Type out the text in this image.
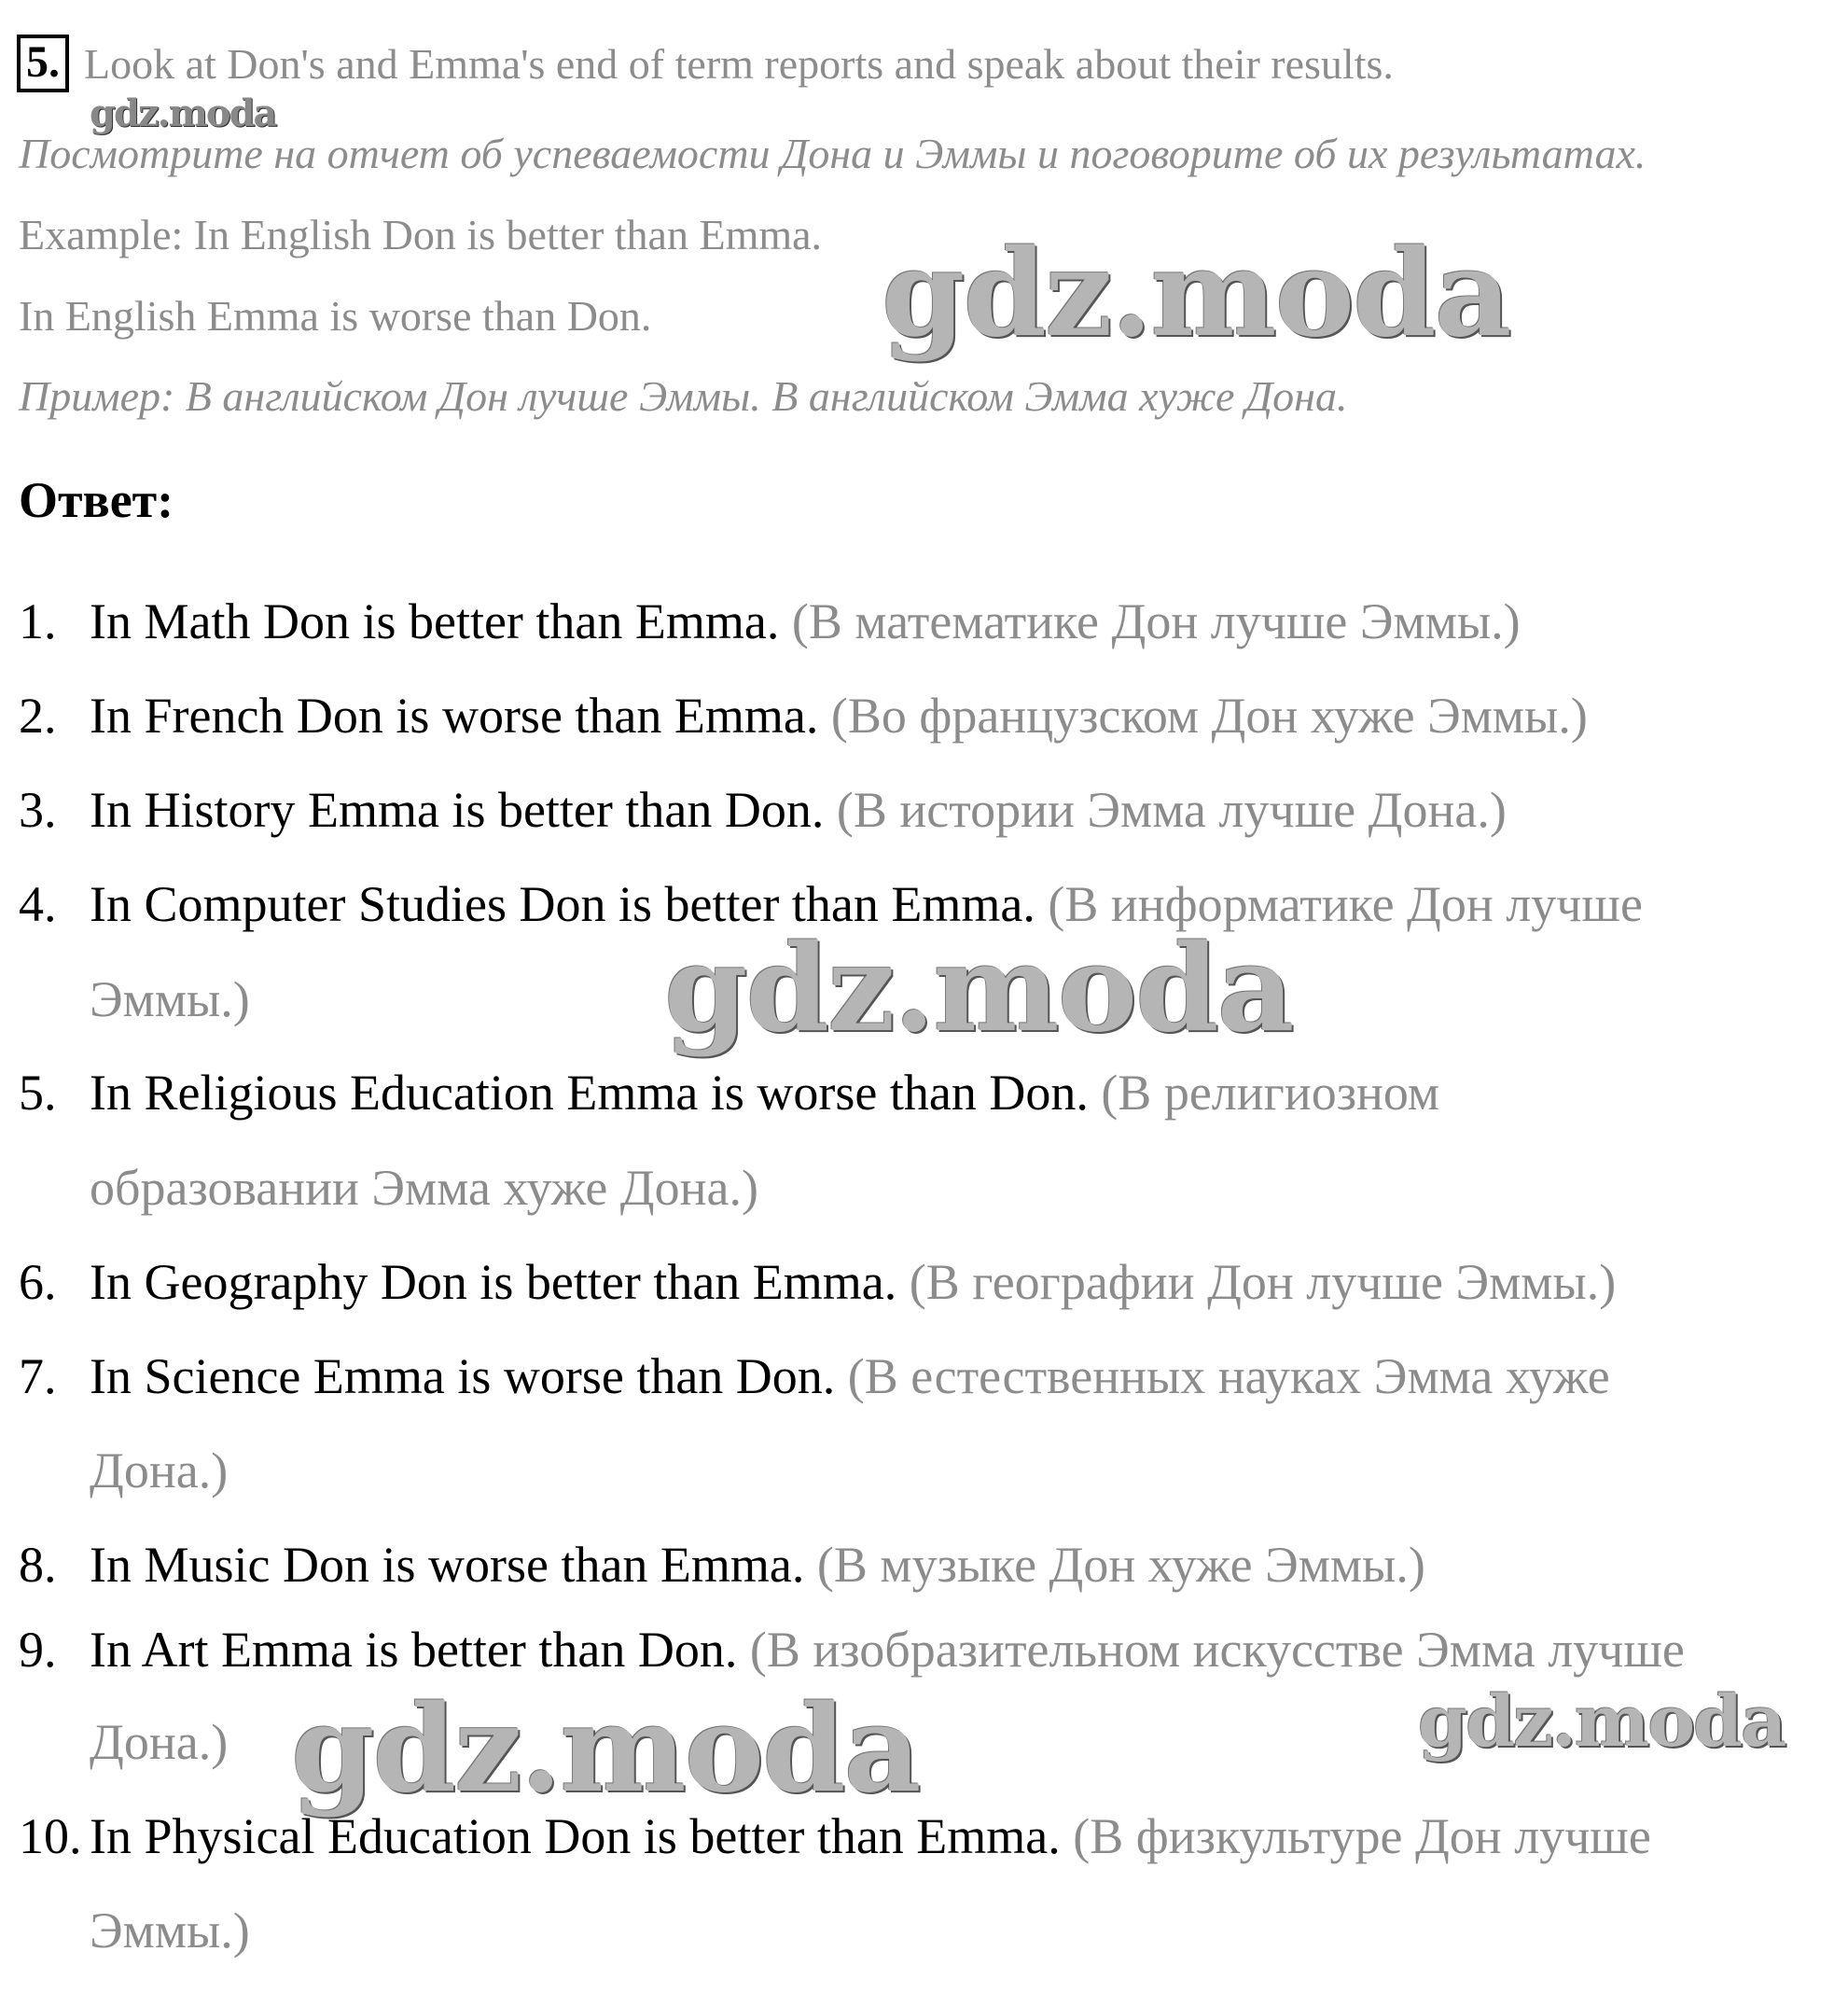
5. Look at Don's and Emma's end of term reports and speak about their results.
Посмотрите на отчет об успеваемости Дона и Эммы и поговорите об их результатах.
Example: In English Don is better than Emma.
In English Emma is worse than Don.
Пример: В английском Дон лучше Эммы. В английском Эмма хуже Дона.
Ответ:
1. In Math Don is better than Emma. (В математике Дон лучше Эммы.)
2. In French Don is worse than Emma. (Во французском Дон хуже Эммы.)
3. In History Emma is better than Don. (В истории Эмма лучше Дона.)
4. In Computer Studies Don is better than Emma. (В информатике Дон лучше
Эммы.)
5. In Religious Education Emma is worse than Don. (В религиозном
образовании Эмма хуже Дона.)
6. In Geography Don is better than Emma. (В географии Дон лучше Эммы.)
7. In Science Emma is worse than Don. (В естественных науках Эмма хуже
Дона.)
8. In Music Don is worse than Emma. (В музыке Дон хуже Эммы.)
9. In Art Emma is better than Don. (В изобразительном искусстве Эмма лучше
Дона.)
10. In Physical Education Don is better than Emma. (В физкультуре Дон лучше
Эммы.)
gdz.moda
gdz.moda
gdz.moda
gdz.moda	gdz.moda
